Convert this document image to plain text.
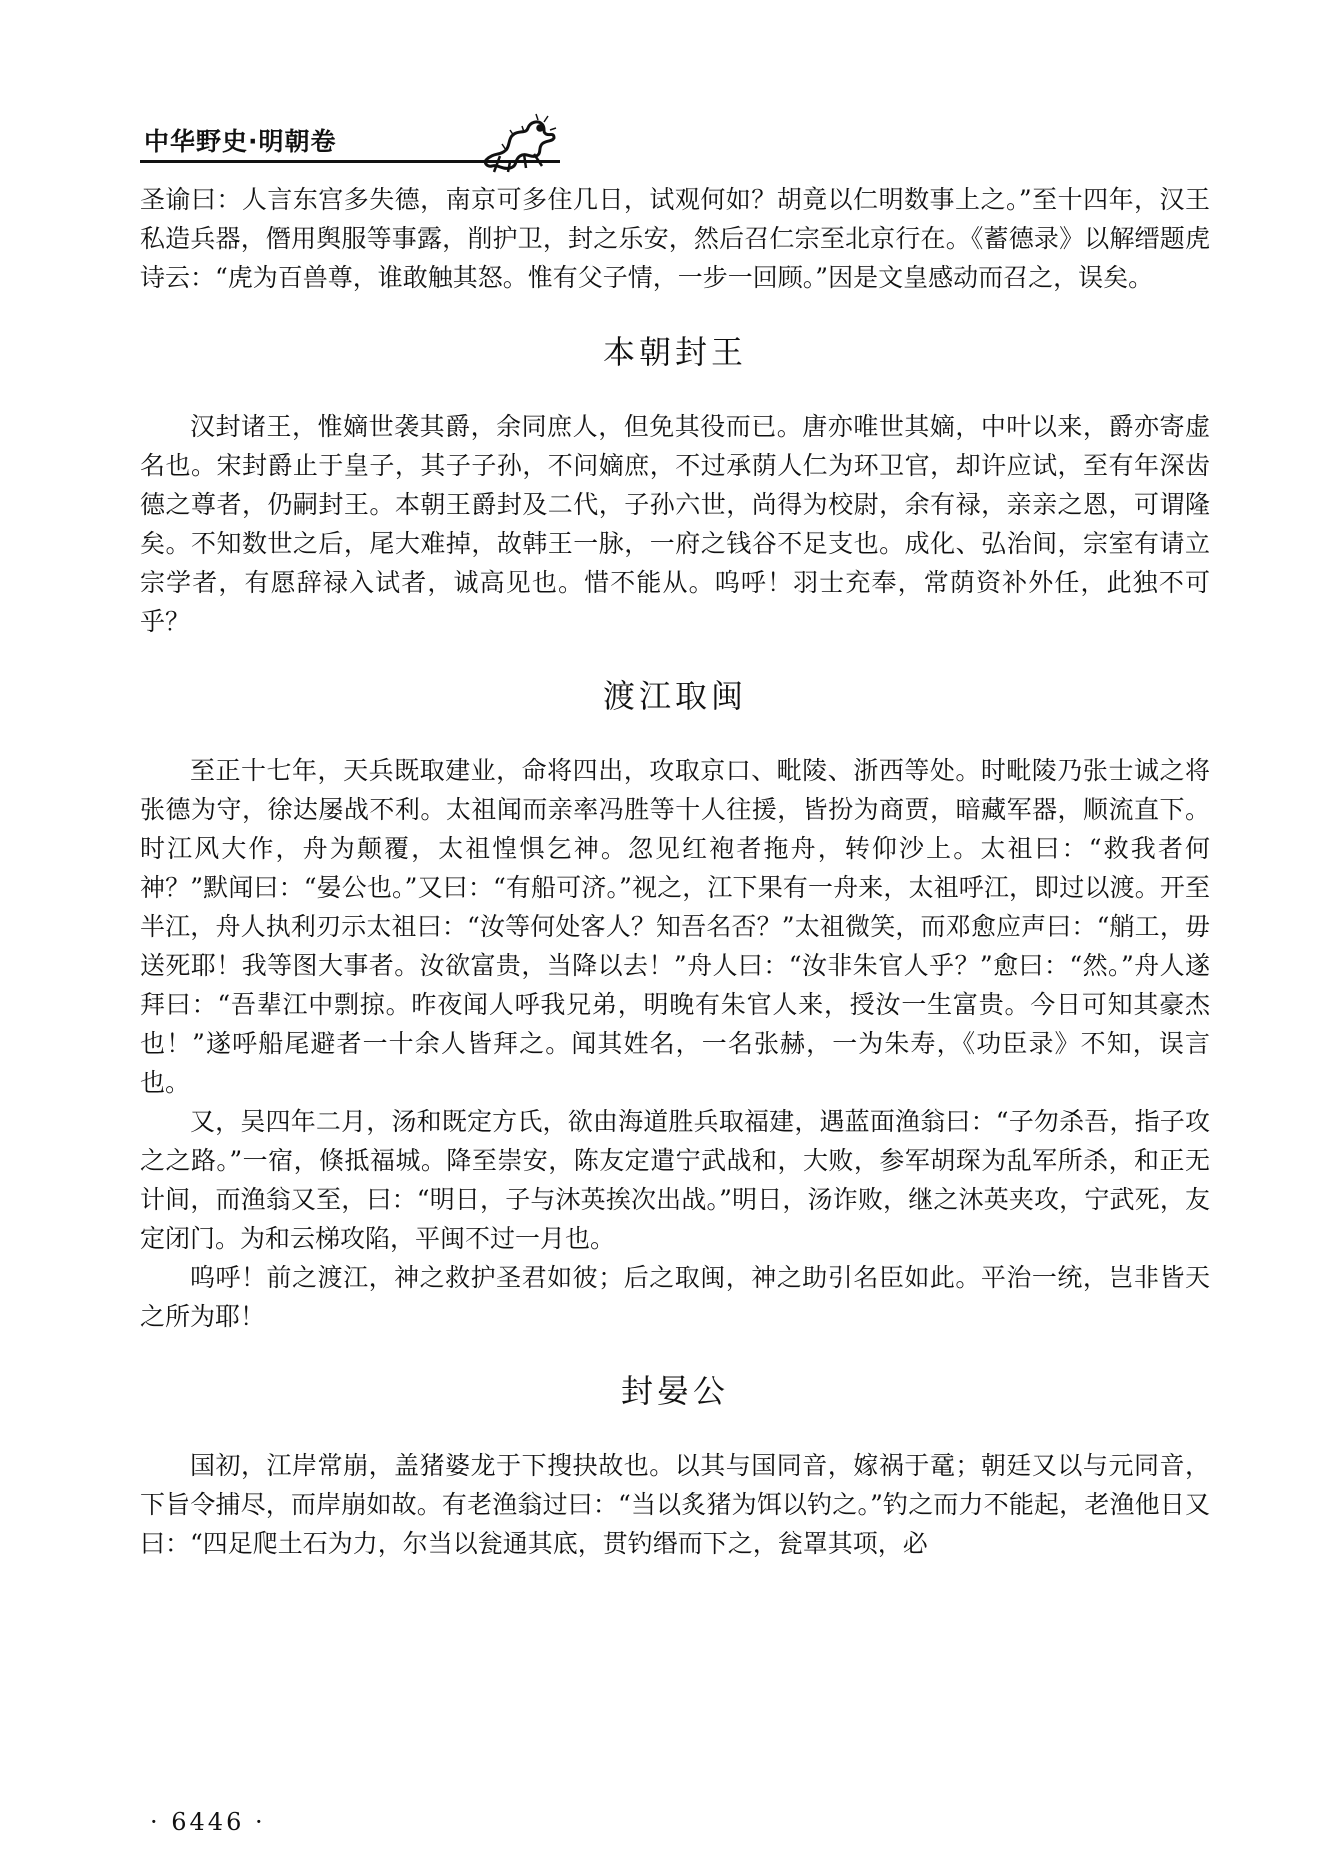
中华野史·明朝卷

圣谕曰：人言东宫多失德，南京可多住几日，试观何如？胡竟以仁明数事上之。”至十四年，汉王私造兵器，僭用舆服等事露，削护卫，封之乐安，然后召仁宗至北京行在。《蓄德录》以解缙题虎诗云：“虎为百兽尊，谁敢触其怒。惟有父子情，一步一回顾。”因是文皇感动而召之，误矣。

本朝封王

汉封诸王，惟嫡世袭其爵，余同庶人，但免其役而已。唐亦唯世其嫡，中叶以来，爵亦寄虚名也。宋封爵止于皇子，其子子孙，不问嫡庶，不过承荫人仁为环卫官，却许应试，至有年深齿德之尊者，仍嗣封王。本朝王爵封及二代，子孙六世，尚得为校尉，余有禄，亲亲之恩，可谓隆矣。不知数世之后，尾大难掉，故韩王一脉，一府之钱谷不足支也。成化、弘治间，宗室有请立宗学者，有愿辞禄入试者，诚高见也。惜不能从。呜呼！羽士充奉，常荫资补外任，此独不可乎？

渡江取闽

至正十七年，天兵既取建业，命将四出，攻取京口、毗陵、浙西等处。时毗陵乃张士诚之将张德为守，徐达屡战不利。太祖闻而亲率冯胜等十人往援，皆扮为商贾，暗藏军器，顺流直下。时江风大作，舟为颠覆，太祖惶惧乞神。忽见红袍者拖舟，转仰沙上。太祖曰：“救我者何神？”默闻曰：“晏公也。”又曰：“有船可济。”视之，江下果有一舟来，太祖呼江，即过以渡。开至半江，舟人执利刃示太祖曰：“汝等何处客人？知吾名否？”太祖微笑，而邓愈应声曰：“艄工，毋送死耶！我等图大事者。汝欲富贵，当降以去！”舟人曰：“汝非朱官人乎？”愈曰：“然。”舟人遂拜曰：“吾辈江中剽掠。昨夜闻人呼我兄弟，明晚有朱官人来，授汝一生富贵。今日可知其豪杰也！”遂呼船尾避者一十余人皆拜之。闻其姓名，一名张赫，一为朱寿，《功臣录》不知，误言也。

又，吴四年二月，汤和既定方氏，欲由海道胜兵取福建，遇蓝面渔翁曰：“子勿杀吾，指子攻之之路。”一宿，倏抵福城。降至崇安，陈友定遣宁武战和，大败，参军胡琛为乱军所杀，和正无计间，而渔翁又至，曰：“明日，子与沐英挨次出战。”明日，汤诈败，继之沐英夹攻，宁武死，友定闭门。为和云梯攻陷，平闽不过一月也。

呜呼！前之渡江，神之救护圣君如彼；后之取闽，神之助引名臣如此。平治一统，岂非皆天之所为耶！

封晏公

国初，江岸常崩，盖猪婆龙于下搜抉故也。以其与国同音，嫁祸于鼋；朝廷又以与元同音，下旨令捕尽，而岸崩如故。有老渔翁过曰：“当以炙猪为饵以钓之。”钓之而力不能起，老渔他日又曰：“四足爬土石为力，尔当以瓮通其底，贯钓缗而下之，瓮罩其项，必

· 6446 ·
